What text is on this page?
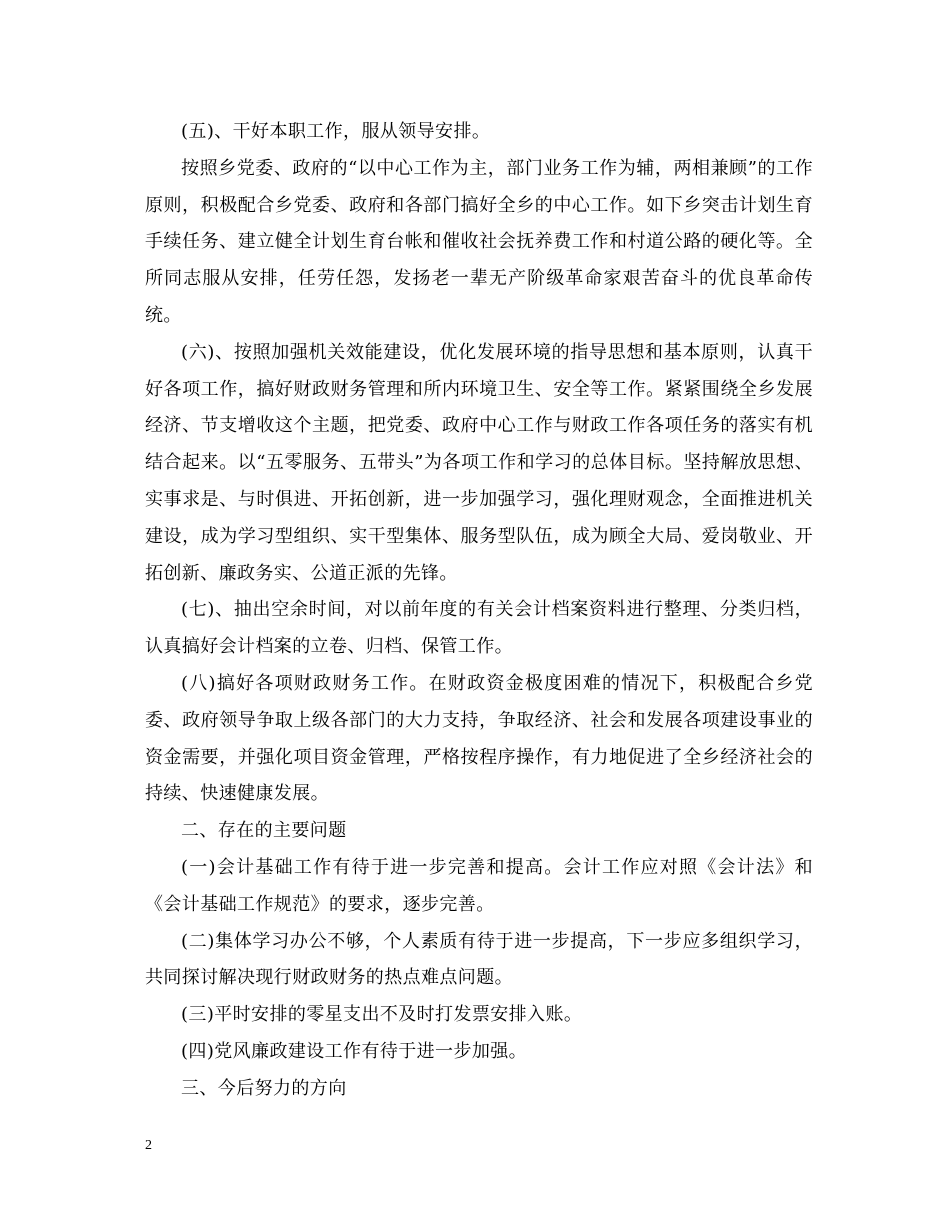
(五)、干好本职工作，服从领导安排。

按照乡党委、政府的“以中心工作为主，部门业务工作为辅，两相兼顾”的工作原则，积极配合乡党委、政府和各部门搞好全乡的中心工作。如下乡突击计划生育手续任务、建立健全计划生育台帐和催收社会抚养费工作和村道公路的硬化等。全所同志服从安排，任劳任怨，发扬老一辈无产阶级革命家艰苦奋斗的优良革命传统。

(六)、按照加强机关效能建设，优化发展环境的指导思想和基本原则，认真干好各项工作，搞好财政财务管理和所内环境卫生、安全等工作。紧紧围绕全乡发展经济、节支增收这个主题，把党委、政府中心工作与财政工作各项任务的落实有机结合起来。以“五零服务、五带头”为各项工作和学习的总体目标。坚持解放思想、实事求是、与时俱进、开拓创新，进一步加强学习，强化理财观念，全面推进机关建设，成为学习型组织、实干型集体、服务型队伍，成为顾全大局、爱岗敬业、开拓创新、廉政务实、公道正派的先锋。

(七)、抽出空余时间，对以前年度的有关会计档案资料进行整理、分类归档，认真搞好会计档案的立卷、归档、保管工作。

(八)搞好各项财政财务工作。在财政资金极度困难的情况下，积极配合乡党委、政府领导争取上级各部门的大力支持，争取经济、社会和发展各项建设事业的资金需要，并强化项目资金管理，严格按程序操作，有力地促进了全乡经济社会的持续、快速健康发展。

二、存在的主要问题

(一)会计基础工作有待于进一步完善和提高。会计工作应对照《会计法》和《会计基础工作规范》的要求，逐步完善。

(二)集体学习办公不够，个人素质有待于进一步提高，下一步应多组织学习，共同探讨解决现行财政财务的热点难点问题。

(三)平时安排的零星支出不及时打发票安排入账。

(四)党风廉政建设工作有待于进一步加强。

三、今后努力的方向

2
